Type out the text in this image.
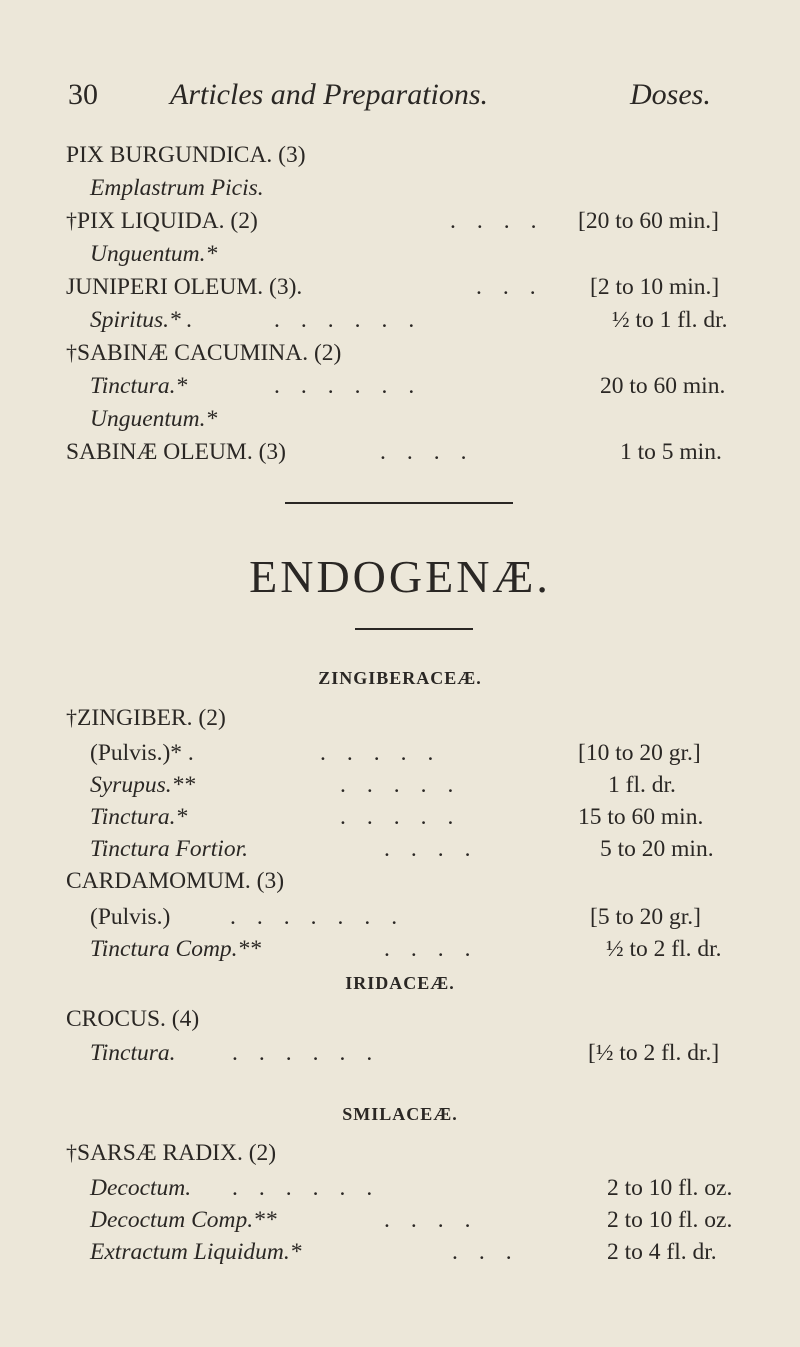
30 Articles and Preparations.	Doses.
PIX BURGUNDICA. (3)
Emplastrum Picis.
†PIX LIQUIDA. (2)	.... [20 to 60 min.]
Unguentum.*
JUNIPERI OLEUM. (3).	... [2 to 10 min.]
Spiritus.* .	......	½ to 1 fl. dr.
†SABINÆ CACUMINA. (2)
Tinctura.*	......	20 to 60 min.
Unguentum.*
SABINÆ OLEUM. (3)	....	1 to 5 min.
ENDOGENÆ.
ZINGIBERACEÆ.
†ZINGIBER. (2)
(Pulvis.)* .	.....	[10 to 20 gr.]
Syrupus.**	.....	1 fl. dr.
Tinctura.*	.....	15 to 60 min.
Tinctura Fortior.	....	5 to 20 min.
CARDAMOMUM. (3)
(Pulvis.)	.......	[5 to 20 gr.]
Tinctura Comp.**	....	½ to 2 fl. dr.
IRIDACEÆ.
CROCUS. (4)
Tinctura. ......	[½ to 2 fl. dr.]
SMILACEÆ.
†SARSÆ RADIX. (2)
Decoctum. ......	2 to 10 fl. oz.
Decoctum Comp.**	....	2 to 10 fl. oz.
Extractum Liquidum.*	...	2 to 4 fl. dr.
